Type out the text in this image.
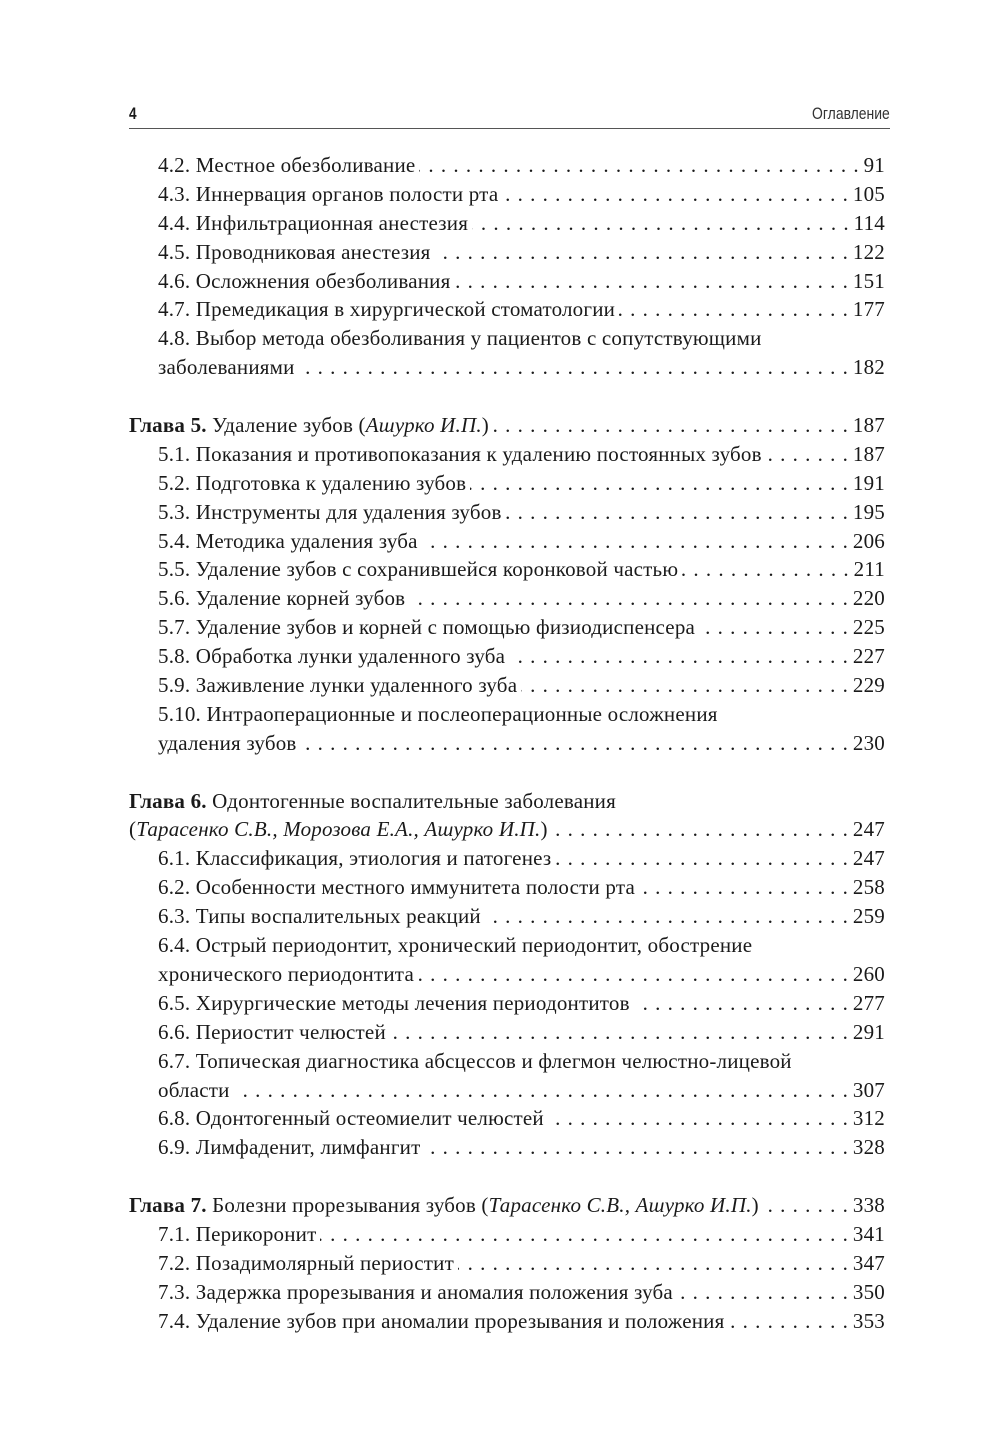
4	Оглавление
4.2. Местное обезболивание . . .	91
4.3. Иннервация органов полости рта . . .	105
4.4. Инфильтрационная анестезия . . .	114
4.5. Проводниковая анестезия . . .	122
4.6. Осложнения обезболивания . . .	151
4.7. Премедикация в хирургической стоматологии . . .	177
4.8. Выбор метода обезболивания у пациентов с сопутствующими
заболеваниями . . .	182
Глава 5. Удаление зубов (Ашурко И.П.) . . .	187
5.1. Показания и противопоказания к удалению постоянных зубов . . .	187
5.2. Подготовка к удалению зубов . . .	191
5.3. Инструменты для удаления зубов . . .	195
5.4. Методика удаления зуба . . .	206
5.5. Удаление зубов с сохранившейся коронковой частью . . .	211
5.6. Удаление корней зубов . . .	220
5.7. Удаление зубов и корней с помощью физиодиспенсера . . .	225
5.8. Обработка лунки удаленного зуба . . .	227
5.9. Заживление лунки удаленного зуба . . .	229
5.10. Интраоперационные и послеоперационные осложнения
удаления зубов . . .	230
Глава 6. Одонтогенные воспалительные заболевания
(Тарасенко С.В., Морозова Е.А., Ашурко И.П.) . . .	247
6.1. Классификация, этиология и патогенез . . .	247
6.2. Особенности местного иммунитета полости рта . . .	258
6.3. Типы воспалительных реакций . . .	259
6.4. Острый периодонтит, хронический периодонтит, обострение
хронического периодонтита . . .	260
6.5. Хирургические методы лечения периодонтитов . . .	277
6.6. Периостит челюстей . . .	291
6.7. Топическая диагностика абсцессов и флегмон челюстно-лицевой
области . . .	307
6.8. Одонтогенный остеомиелит челюстей . . .	312
6.9. Лимфаденит, лимфангит . . .	328
Глава 7. Болезни прорезывания зубов (Тарасенко С.В., Ашурко И.П.) . . .	338
7.1. Перикоронит . . .	341
7.2. Позадимолярный периостит . . .	347
7.3. Задержка прорезывания и аномалия положения зуба . . .	350
7.4. Удаление зубов при аномалии прорезывания и положения . . .	353
